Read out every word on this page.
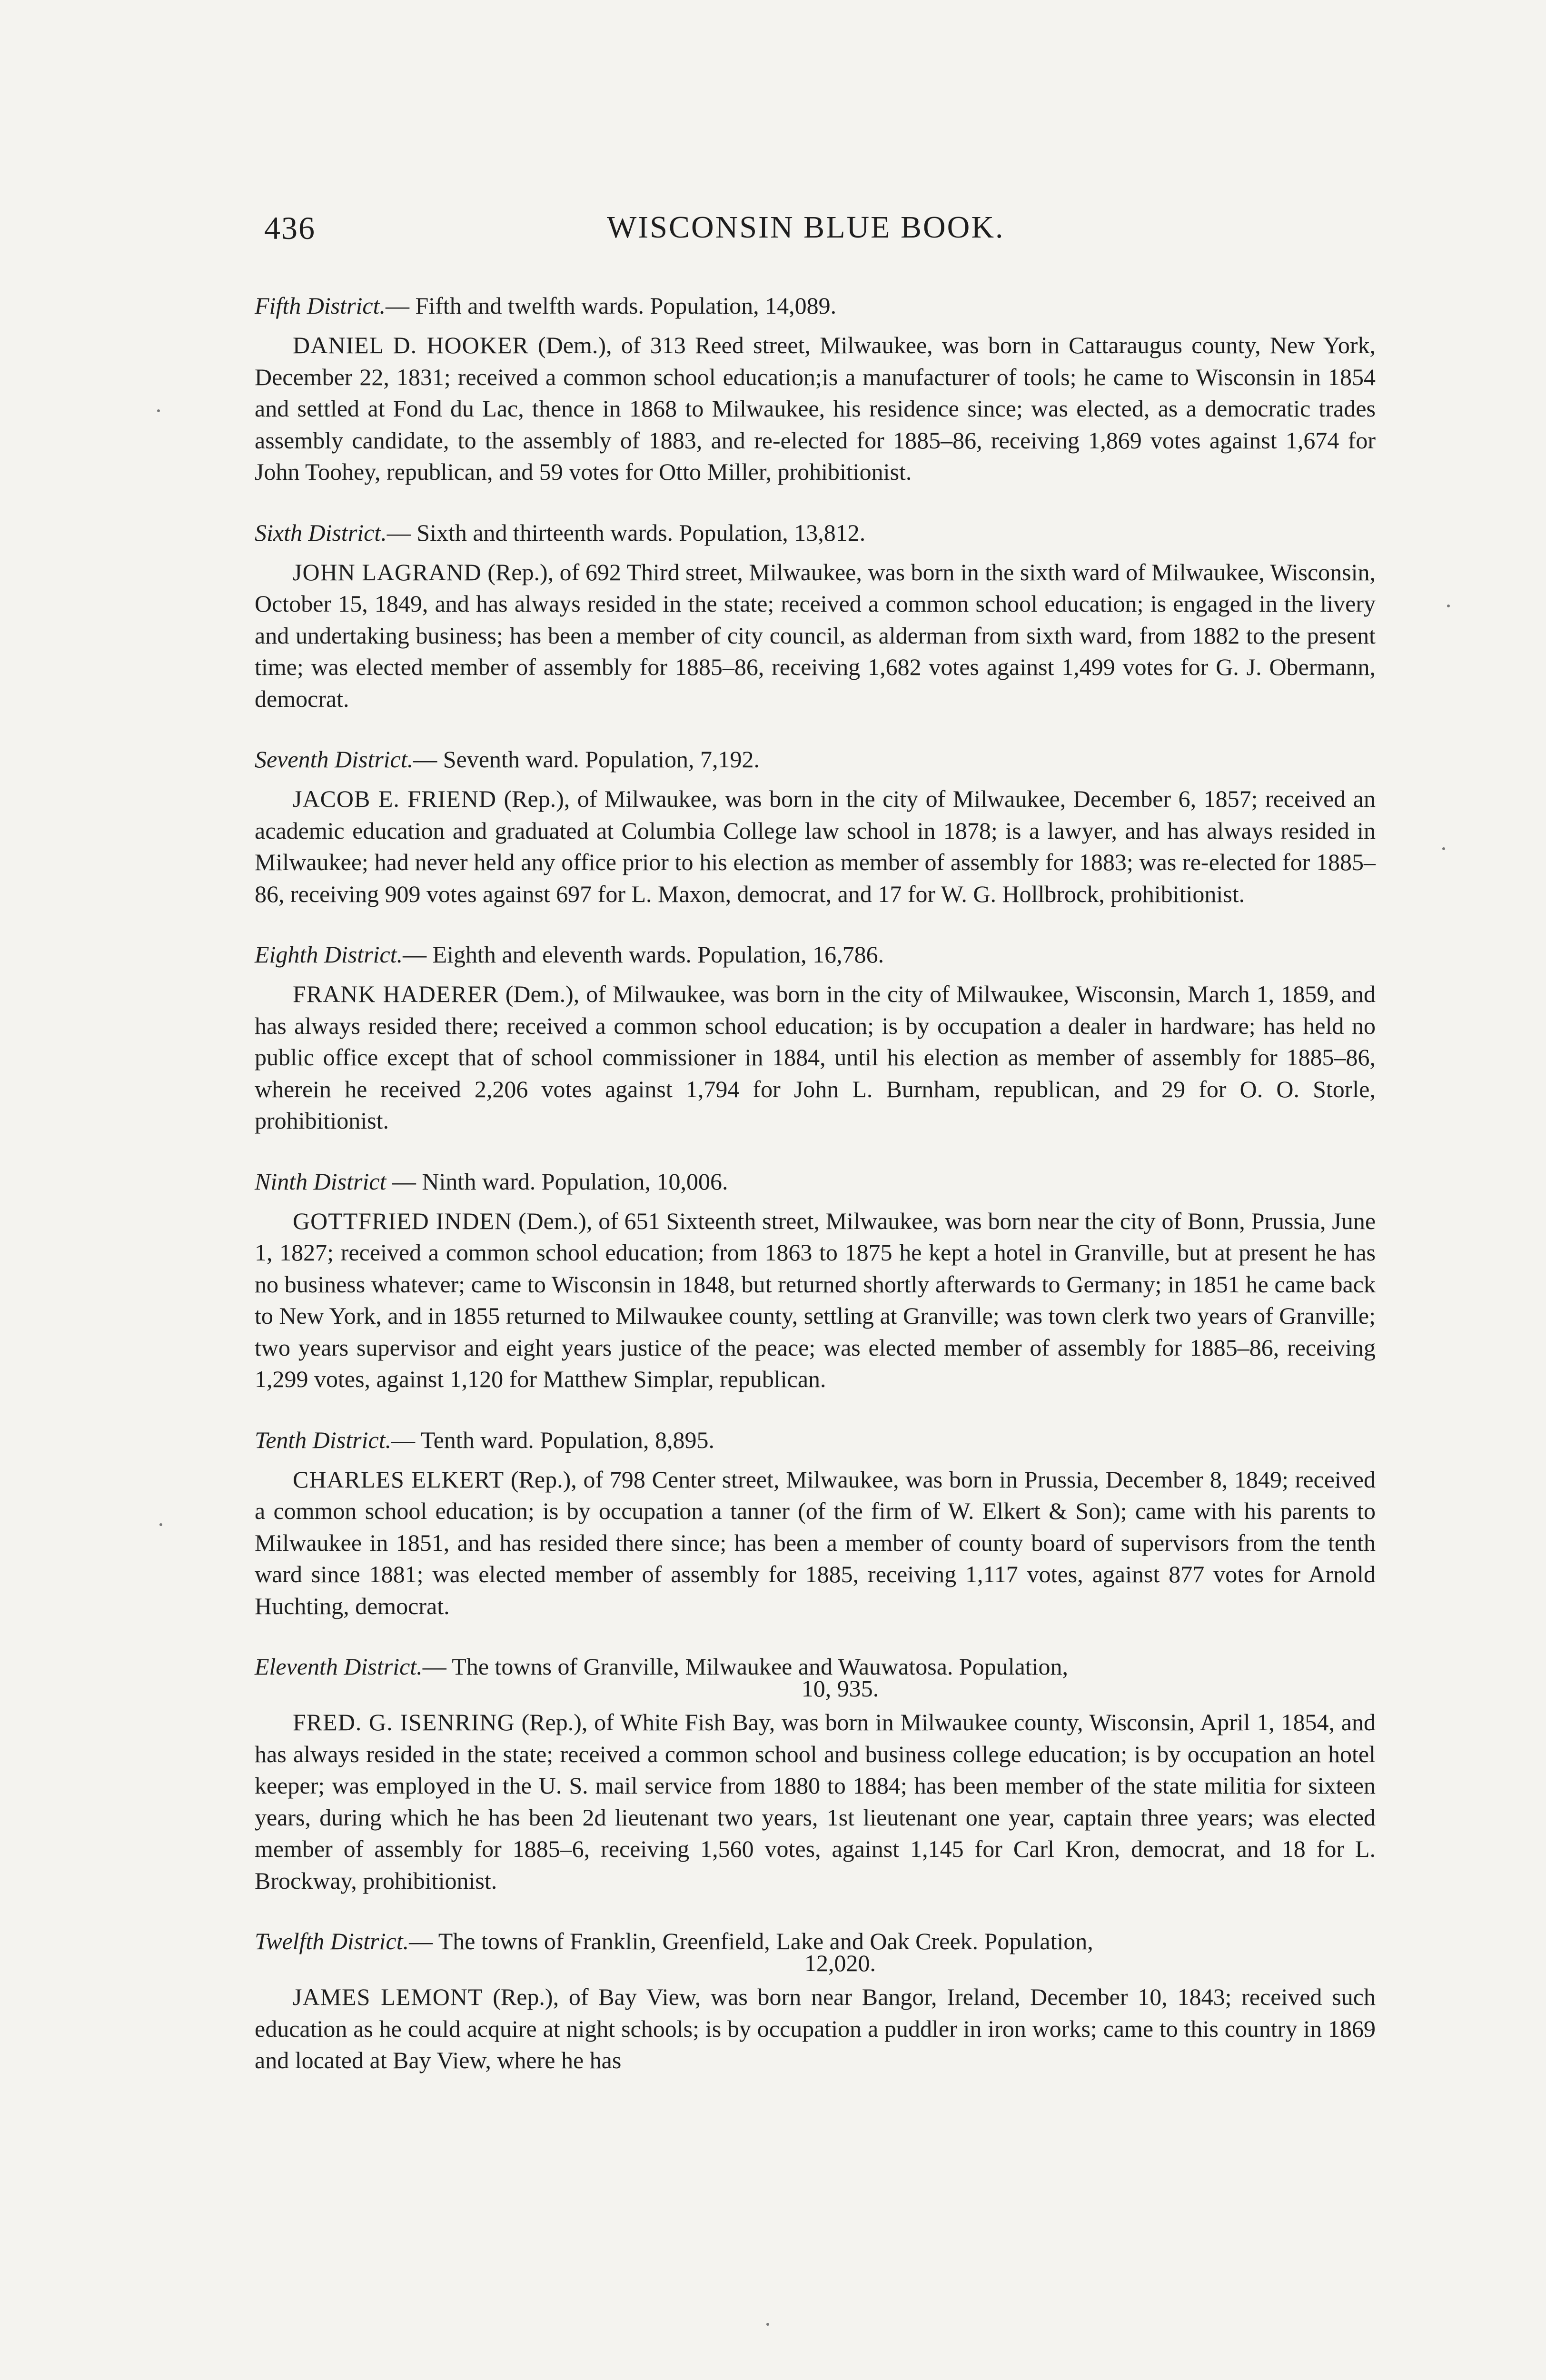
436	WISCONSIN BLUE BOOK.

Fifth District.— Fifth and twelfth wards. Population, 14,089.

DANIEL D. HOOKER (Dem.), of 313 Reed street, Milwaukee, was born in Cattaraugus county, New York, December 22, 1831; received a common school education;is a manufacturer of tools; he came to Wisconsin in 1854 and settled at Fond du Lac, thence in 1868 to Milwaukee, his residence since; was elected, as a democratic trades assembly candidate, to the assembly of 1883, and re-elected for 1885–86, receiving 1,869 votes against 1,674 for John Toohey, republican, and 59 votes for Otto Miller, prohibitionist.

Sixth District.— Sixth and thirteenth wards. Population, 13,812.

JOHN LAGRAND (Rep.), of 692 Third street, Milwaukee, was born in the sixth ward of Milwaukee, Wisconsin, October 15, 1849, and has always resided in the state; received a common school education; is engaged in the livery and undertaking business; has been a member of city council, as alderman from sixth ward, from 1882 to the present time; was elected member of assembly for 1885–86, receiving 1,682 votes against 1,499 votes for G. J. Obermann, democrat.

Seventh District.— Seventh ward. Population, 7,192.

JACOB E. FRIEND (Rep.), of Milwaukee, was born in the city of Milwaukee, December 6, 1857; received an academic education and graduated at Columbia College law school in 1878; is a lawyer, and has always resided in Milwaukee; had never held any office prior to his election as member of assembly for 1883; was re-elected for 1885–86, receiving 909 votes against 697 for L. Maxon, democrat, and 17 for W. G. Hollbrock, prohibitionist.

Eighth District.— Eighth and eleventh wards. Population, 16,786.

FRANK HADERER (Dem.), of Milwaukee, was born in the city of Milwaukee, Wisconsin, March 1, 1859, and has always resided there; received a common school education; is by occupation a dealer in hardware; has held no public office except that of school commissioner in 1884, until his election as member of assembly for 1885–86, wherein he received 2,206 votes against 1,794 for John L. Burnham, republican, and 29 for O. O. Storle, prohibitionist.

Ninth District — Ninth ward. Population, 10,006.

GOTTFRIED INDEN (Dem.), of 651 Sixteenth street, Milwaukee, was born near the city of Bonn, Prussia, June 1, 1827; received a common school education; from 1863 to 1875 he kept a hotel in Granville, but at present he has no business whatever; came to Wisconsin in 1848, but returned shortly afterwards to Germany; in 1851 he came back to New York, and in 1855 returned to Milwaukee county, settling at Granville; was town clerk two years of Granville; two years supervisor and eight years justice of the peace; was elected member of assembly for 1885–86, receiving 1,299 votes, against 1,120 for Matthew Simplar, republican.

Tenth District.— Tenth ward. Population, 8,895.

CHARLES ELKERT (Rep.), of 798 Center street, Milwaukee, was born in Prussia, December 8, 1849; received a common school education; is by occupation a tanner (of the firm of W. Elkert & Son); came with his parents to Milwaukee in 1851, and has resided there since; has been a member of county board of supervisors from the tenth ward since 1881; was elected member of assembly for 1885, receiving 1,117 votes, against 877 votes for Arnold Huchting, democrat.

Eleventh District.— The towns of Granville, Milwaukee and Wauwatosa. Population,
10, 935.

FRED. G. ISENRING (Rep.), of White Fish Bay, was born in Milwaukee county, Wisconsin, April 1, 1854, and has always resided in the state; received a common school and business college education; is by occupation an hotel keeper; was employed in the U. S. mail service from 1880 to 1884; has been member of the state militia for sixteen years, during which he has been 2d lieutenant two years, 1st lieutenant one year, captain three years; was elected member of assembly for 1885–6, receiving 1,560 votes, against 1,145 for Carl Kron, democrat, and 18 for L. Brockway, prohibitionist.

Twelfth District.— The towns of Franklin, Greenfield, Lake and Oak Creek. Population,
12,020.

JAMES LEMONT (Rep.), of Bay View, was born near Bangor, Ireland, December 10, 1843; received such education as he could acquire at night schools; is by occupation a puddler in iron works; came to this country in 1869 and located at Bay View, where he has
